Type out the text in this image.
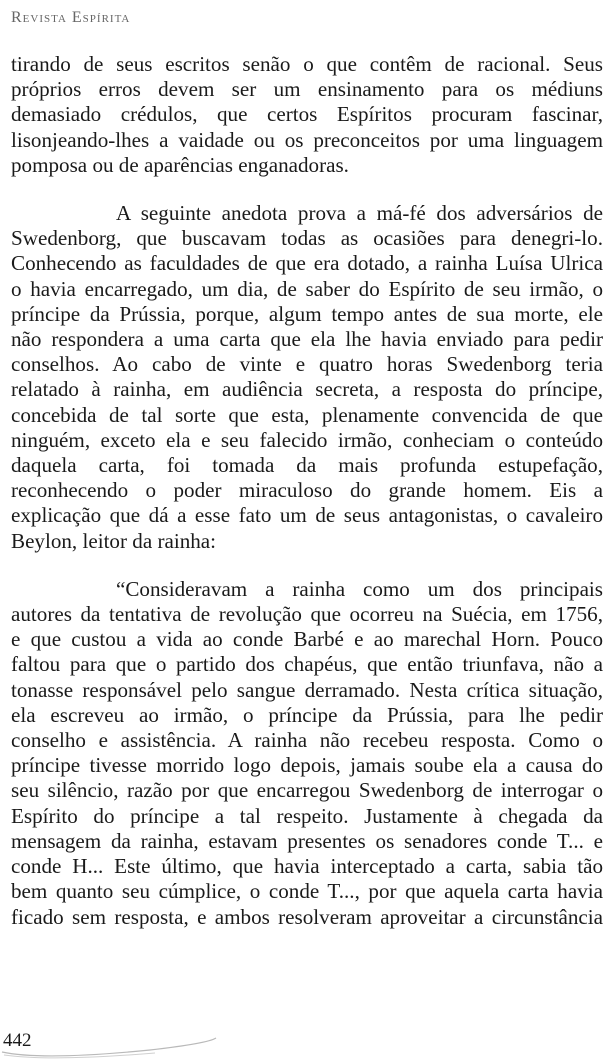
Revista Espírita

tirando de seus escritos senão o que contêm de racional. Seus

próprios erros devem ser um ensinamento para os médiuns

demasiado crédulos, que certos Espíritos procuram fascinar,

lisonjeando-lhes a vaidade ou os preconceitos por uma linguagem

pomposa ou de aparências enganadoras.

A seguinte anedota prova a má-fé dos adversários de

Swedenborg, que buscavam todas as ocasiões para denegri-lo.

Conhecendo as faculdades de que era dotado, a rainha Luísa Ulrica

o havia encarregado, um dia, de saber do Espírito de seu irmão, o

príncipe da Prússia, porque, algum tempo antes de sua morte, ele

não respondera a uma carta que ela lhe havia enviado para pedir

conselhos. Ao cabo de vinte e quatro horas Swedenborg teria

relatado à rainha, em audiência secreta, a resposta do príncipe,

concebida de tal sorte que esta, plenamente convencida de que

ninguém, exceto ela e seu falecido irmão, conheciam o conteúdo

daquela carta, foi tomada da mais profunda estupefação,

reconhecendo o poder miraculoso do grande homem. Eis a

explicação que dá a esse fato um de seus antagonistas, o cavaleiro

Beylon, leitor da rainha:

“Consideravam a rainha como um dos principais

autores da tentativa de revolução que ocorreu na Suécia, em 1756,

e que custou a vida ao conde Barbé e ao marechal Horn. Pouco

faltou para que o partido dos chapéus, que então triunfava, não a

tonasse responsável pelo sangue derramado. Nesta crítica situação,

ela escreveu ao irmão, o príncipe da Prússia, para lhe pedir

conselho e assistência. A rainha não recebeu resposta. Como o

príncipe tivesse morrido logo depois, jamais soube ela a causa do

seu silêncio, razão por que encarregou Swedenborg de interrogar o

Espírito do príncipe a tal respeito. Justamente à chegada da

mensagem da rainha, estavam presentes os senadores conde T... e

conde H... Este último, que havia interceptado a carta, sabia tão

bem quanto seu cúmplice, o conde T..., por que aquela carta havia

ficado sem resposta, e ambos resolveram aproveitar a circunstância

442
